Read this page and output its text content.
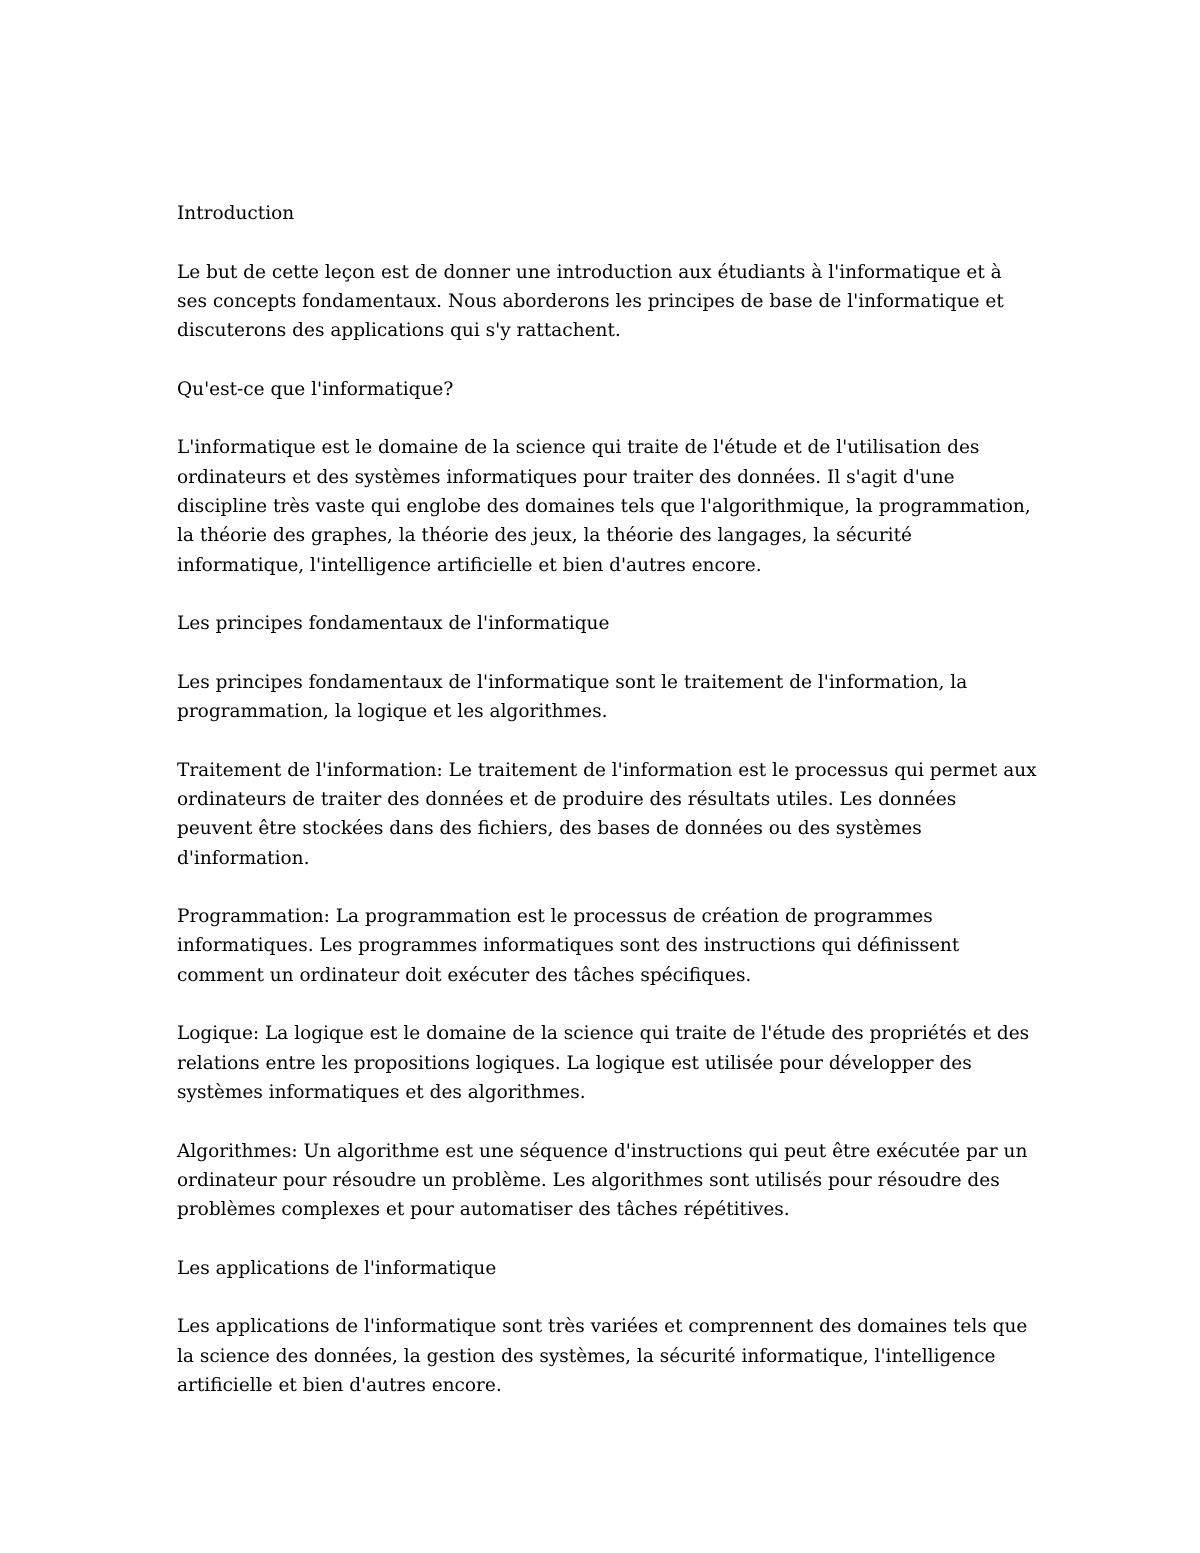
Introduction

Le but de cette leçon est de donner une introduction aux étudiants à l'informatique et à ses concepts fondamentaux. Nous aborderons les principes de base de l'informatique et discuterons des applications qui s'y rattachent.

Qu'est-ce que l'informatique?

L'informatique est le domaine de la science qui traite de l'étude et de l'utilisation des ordinateurs et des systèmes informatiques pour traiter des données. Il s'agit d'une discipline très vaste qui englobe des domaines tels que l'algorithmique, la programmation, la théorie des graphes, la théorie des jeux, la théorie des langages, la sécurité informatique, l'intelligence artificielle et bien d'autres encore.

Les principes fondamentaux de l'informatique

Les principes fondamentaux de l'informatique sont le traitement de l'information, la programmation, la logique et les algorithmes.

Traitement de l'information: Le traitement de l'information est le processus qui permet aux ordinateurs de traiter des données et de produire des résultats utiles. Les données peuvent être stockées dans des fichiers, des bases de données ou des systèmes d'information.

Programmation: La programmation est le processus de création de programmes informatiques. Les programmes informatiques sont des instructions qui définissent comment un ordinateur doit exécuter des tâches spécifiques.

Logique: La logique est le domaine de la science qui traite de l'étude des propriétés et des relations entre les propositions logiques. La logique est utilisée pour développer des systèmes informatiques et des algorithmes.

Algorithmes: Un algorithme est une séquence d'instructions qui peut être exécutée par un ordinateur pour résoudre un problème. Les algorithmes sont utilisés pour résoudre des problèmes complexes et pour automatiser des tâches répétitives.

Les applications de l'informatique

Les applications de l'informatique sont très variées et comprennent des domaines tels que la science des données, la gestion des systèmes, la sécurité informatique, l'intelligence artificielle et bien d'autres encore.
